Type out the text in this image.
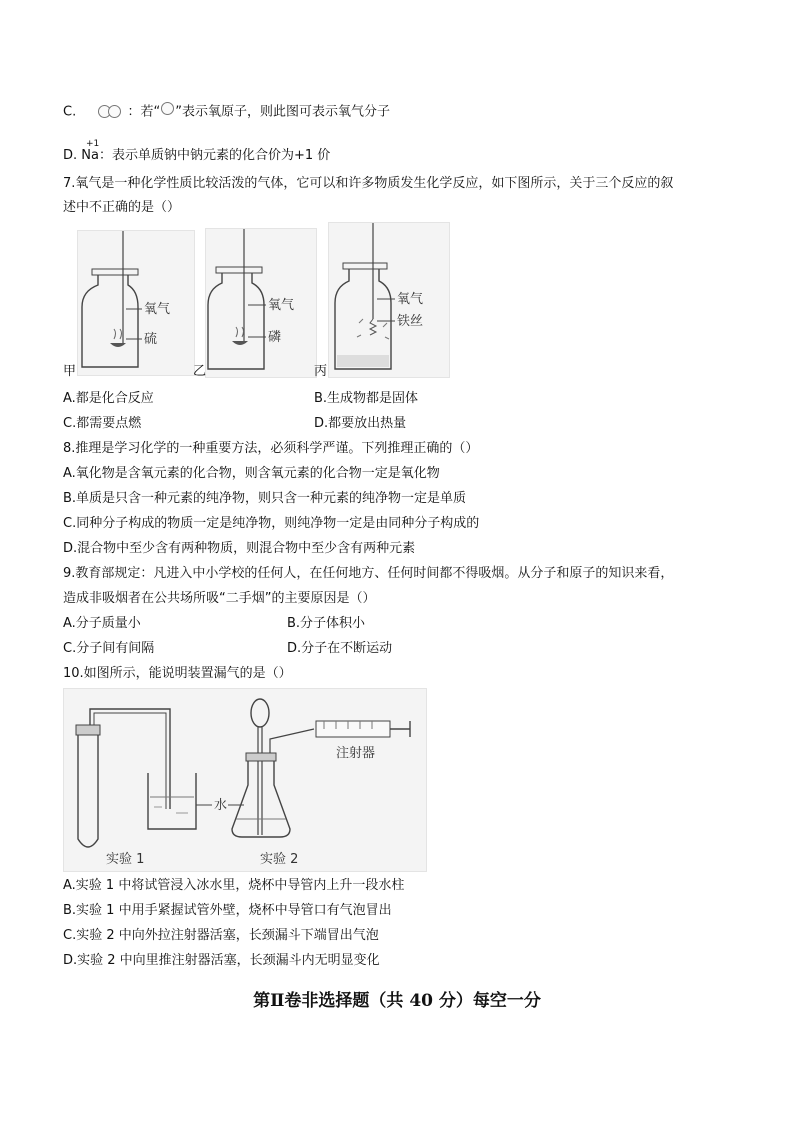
C.	：若“ ”表示氧原子，则此图可表示氧气分子
+1
D. Na：表示单质钠中钠元素的化合价为+1 价
7.氧气是一种化学性质比较活泼的气体，它可以和许多物质发生化学反应，如下图所示，关于三个反应的叙
述中不正确的是（）
氧气
硫
甲
氧气
磷
乙
氧气
铁丝
丙
A.都是化合反应	B.生成物都是固体
C.都需要点燃	D.都要放出热量
8.推理是学习化学的一种重要方法，必须科学严谨。下列推理正确的（）
A.氧化物是含氧元素的化合物，则含氧元素的化合物一定是氧化物
B.单质是只含一种元素的纯净物，则只含一种元素的纯净物一定是单质
C.同种分子构成的物质一定是纯净物，则纯净物一定是由同种分子构成的
D.混合物中至少含有两种物质，则混合物中至少含有两种元素
9.教育部规定：凡进入中小学校的任何人，在任何地方、任何时间都不得吸烟。从分子和原子的知识来看，
造成非吸烟者在公共场所吸“二手烟”的主要原因是（）
A.分子质量小	B.分子体积小
C.分子间有间隔	D.分子在不断运动
10.如图所示，能说明装置漏气的是（）
水
注射器
实验 1	实验 2
A.实验 1 中将试管浸入冰水里，烧杯中导管内上升一段水柱
B.实验 1 中用手紧握试管外壁，烧杯中导管口有气泡冒出
C.实验 2 中向外拉注射器活塞，长颈漏斗下端冒出气泡
D.实验 2 中向里推注射器活塞，长颈漏斗内无明显变化
第Ⅱ卷非选择题（共 40 分）每空一分
